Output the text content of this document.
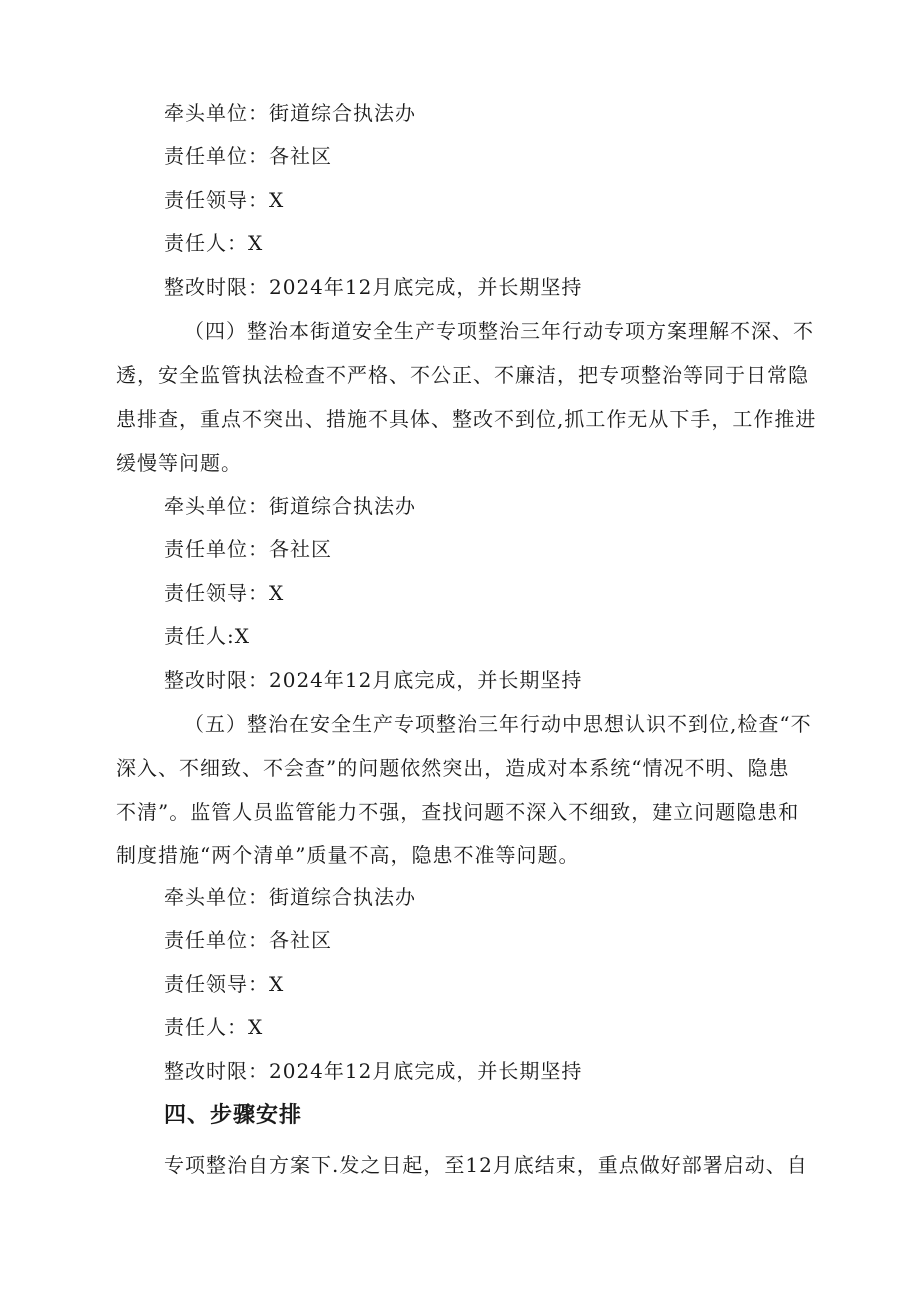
牵头单位：街道综合执法办
责任单位：各社区
责任领导：X
责任人：X
整改时限：2024年12月底完成，并长期坚持
（四）整治本街道安全生产专项整治三年行动专项方案理解不深、不
透，安全监管执法检查不严格、不公正、不廉洁，把专项整治等同于日常隐
患排查，重点不突出、措施不具体、整改不到位,抓工作无从下手，工作推进
缓慢等问题。
牵头单位：街道综合执法办
责任单位：各社区
责任领导：X
责任人:X
整改时限：2024年12月底完成，并长期坚持
（五）整治在安全生产专项整治三年行动中思想认识不到位,检查“不
深入、不细致、不会查”的问题依然突出，造成对本系统“情况不明、隐患
不清”。监管人员监管能力不强，查找问题不深入不细致，建立问题隐患和
制度措施“两个清单”质量不高，隐患不准等问题。
牵头单位：街道综合执法办
责任单位：各社区
责任领导：X
责任人：X
整改时限：2024年12月底完成，并长期坚持
四、步骤安排
专项整治自方案下.发之日起，至12月底结束，重点做好部署启动、自
